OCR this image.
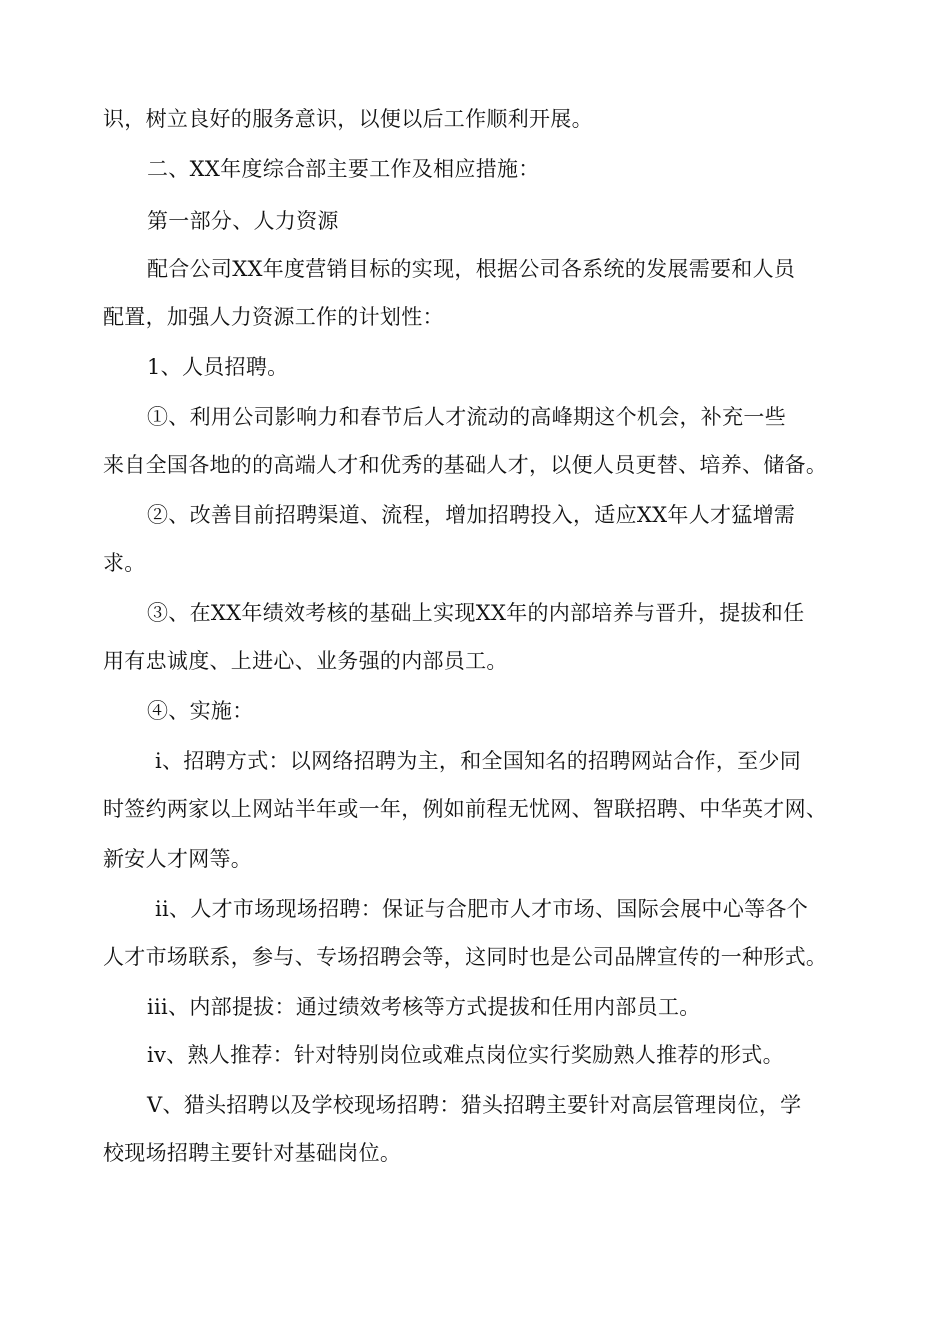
识，树立良好的服务意识，以便以后工作顺利开展。
二、XX年度综合部主要工作及相应措施：
第一部分、人力资源
配合公司XX年度营销目标的实现，根据公司各系统的发展需要和人员
配置，加强人力资源工作的计划性：
1、人员招聘。
①、利用公司影响力和春节后人才流动的高峰期这个机会，补充一些
来自全国各地的的高端人才和优秀的基础人才，以便人员更替、培养、储备。
②、改善目前招聘渠道、流程，增加招聘投入，适应XX年人才猛增需
求。
③、在XX年绩效考核的基础上实现XX年的内部培养与晋升，提拔和任
用有忠诚度、上进心、业务强的内部员工。
④、实施：
i、招聘方式：以网络招聘为主，和全国知名的招聘网站合作，至少同
时签约两家以上网站半年或一年，例如前程无忧网、智联招聘、中华英才网、
新安人才网等。
ii、人才市场现场招聘：保证与合肥市人才市场、国际会展中心等各个
人才市场联系，参与、专场招聘会等，这同时也是公司品牌宣传的一种形式。
iii、内部提拔：通过绩效考核等方式提拔和任用内部员工。
iv、熟人推荐：针对特别岗位或难点岗位实行奖励熟人推荐的形式。
V、猎头招聘以及学校现场招聘：猎头招聘主要针对高层管理岗位，学
校现场招聘主要针对基础岗位。
